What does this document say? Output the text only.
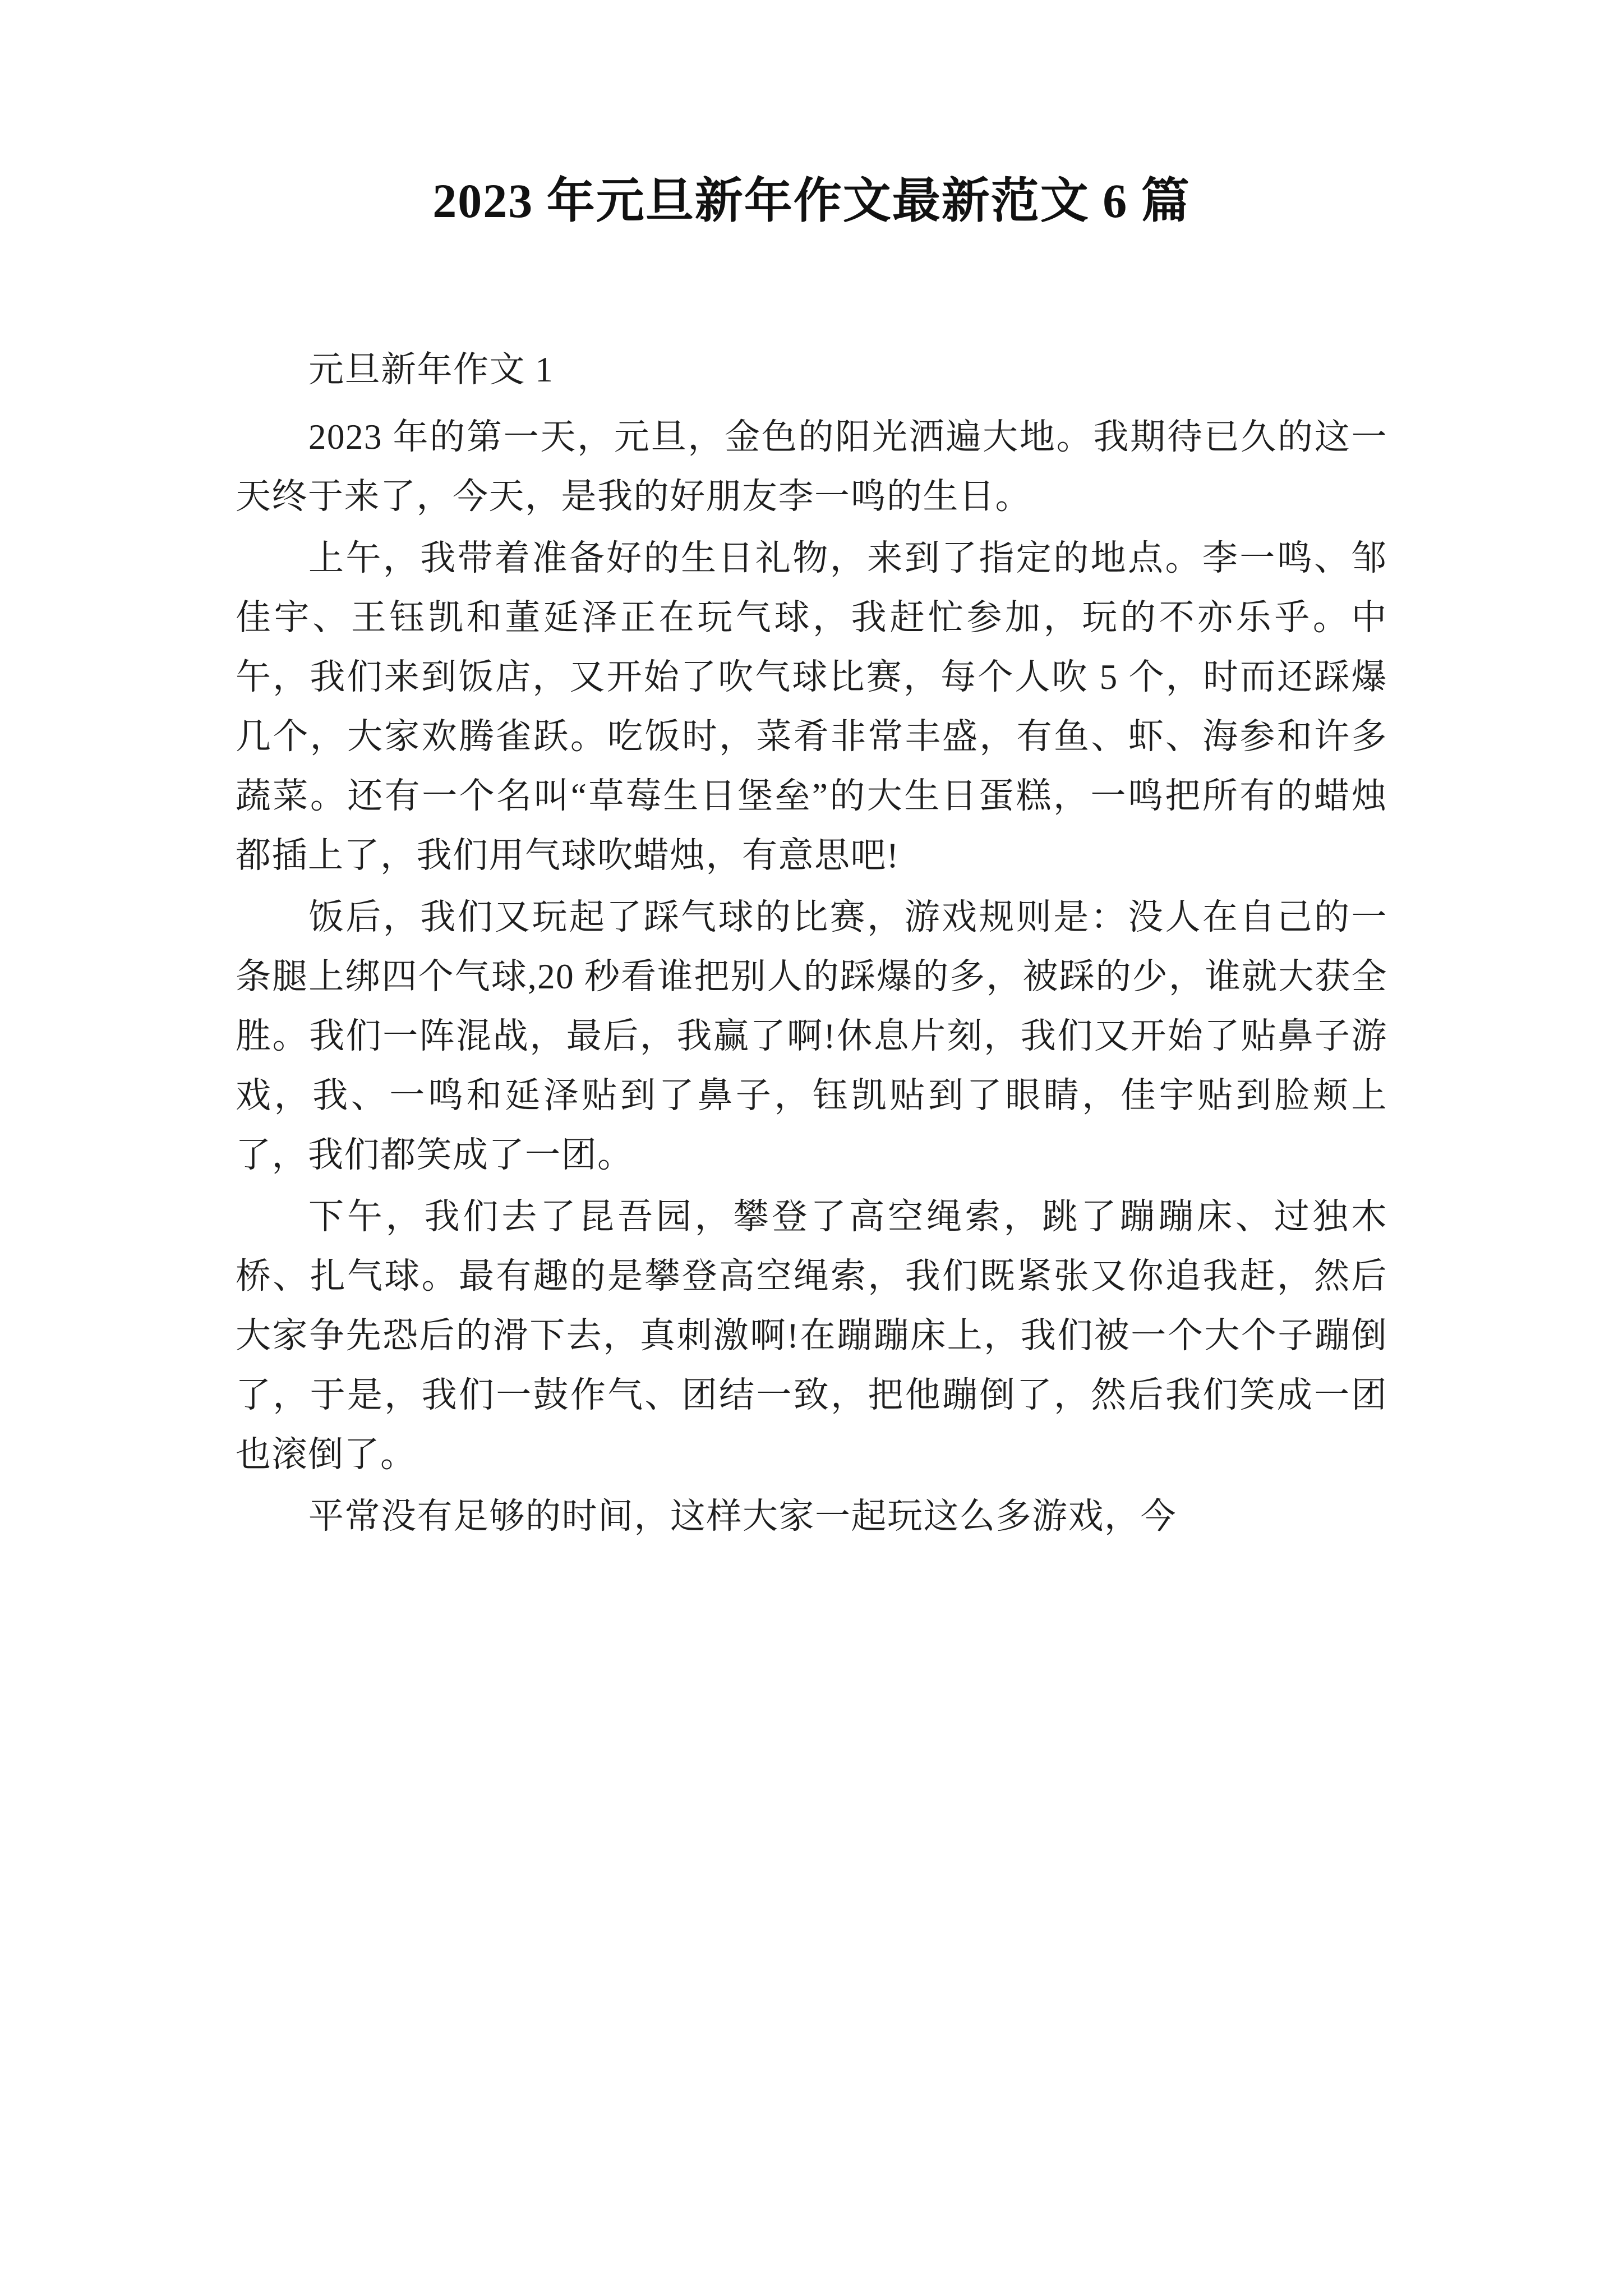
2023 年元旦新年作文最新范文 6 篇

元旦新年作文 1

2023 年的第一天，元旦，金色的阳光洒遍大地。我期待已久的这一天终于来了，今天，是我的好朋友李一鸣的生日。

上午，我带着准备好的生日礼物，来到了指定的地点。李一鸣、邹佳宇、王钰凯和董延泽正在玩气球，我赶忙参加，玩的不亦乐乎。中午，我们来到饭店，又开始了吹气球比赛，每个人吹 5 个，时而还踩爆几个，大家欢腾雀跃。吃饭时，菜肴非常丰盛，有鱼、虾、海参和许多蔬菜。还有一个名叫“草莓生日堡垒”的大生日蛋糕，一鸣把所有的蜡烛都插上了，我们用气球吹蜡烛，有意思吧!

饭后，我们又玩起了踩气球的比赛，游戏规则是：没人在自己的一条腿上绑四个气球,20 秒看谁把别人的踩爆的多，被踩的少，谁就大获全胜。我们一阵混战，最后，我赢了啊!休息片刻，我们又开始了贴鼻子游戏，我、一鸣和延泽贴到了鼻子，钰凯贴到了眼睛，佳宇贴到脸颊上了，我们都笑成了一团。

下午，我们去了昆吾园，攀登了高空绳索，跳了蹦蹦床、过独木桥、扎气球。最有趣的是攀登高空绳索，我们既紧张又你追我赶，然后大家争先恐后的滑下去，真刺激啊!在蹦蹦床上，我们被一个大个子蹦倒了，于是，我们一鼓作气、团结一致，把他蹦倒了，然后我们笑成一团也滚倒了。

平常没有足够的时间，这样大家一起玩这么多游戏，今
